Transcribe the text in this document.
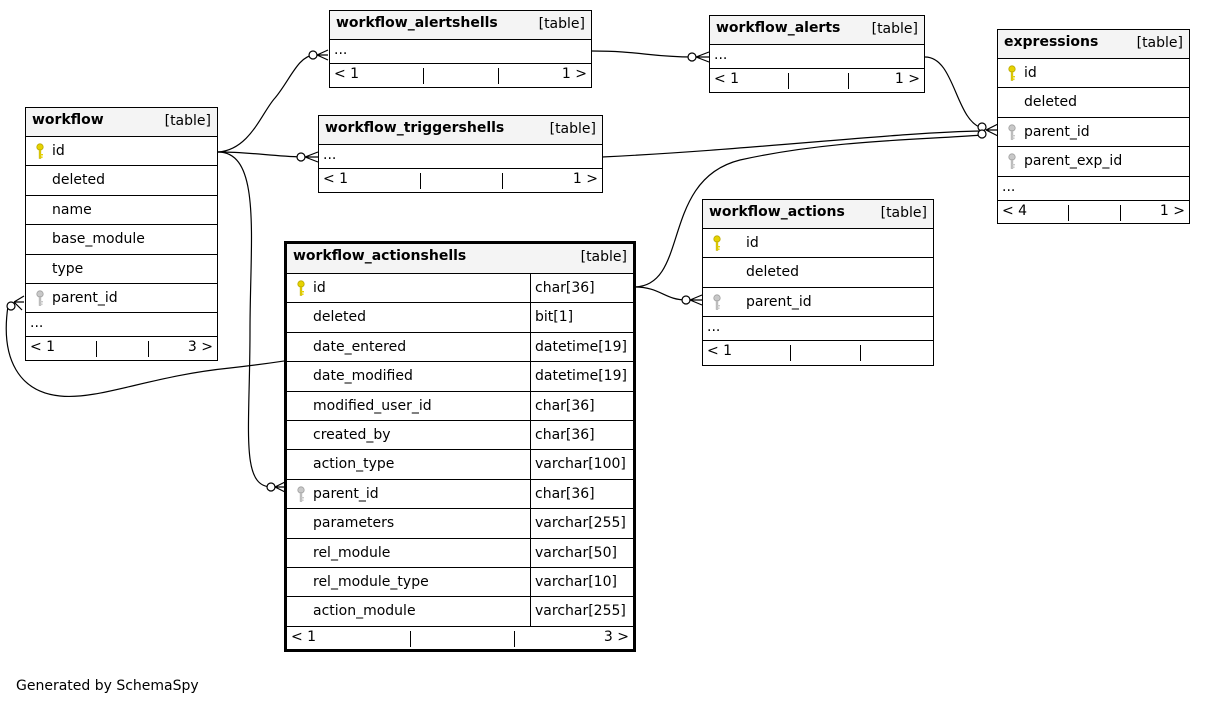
workflow_alertshells	[table]
...
< 1	1 >
workflow_alerts [table]
...
< 1	1 >
expressions	[table]
id
deleted
parent_id
parent_exp_id
...
< 4	1 >
workflow	[table]
id
deleted
name
base_module
type
parent_id
...
< 1	3 >
workflow_triggershells	[table]
...
< 1	1 >
workflow_actions	[table]
id
deleted
parent_id
...
< 1
workflow_actionshells	[table]
id	char[36]
deleted	bit[1]
date_entered	datetime[19]
date_modified	datetime[19]
modified_user_id	char[36]
created_by	char[36]
action_type	varchar[100]
parent_id	char[36]
parameters	varchar[255]
rel_module	varchar[50]
rel_module_type	varchar[10]
action_module	varchar[255]
< 1	3 >
Generated by SchemaSpy
